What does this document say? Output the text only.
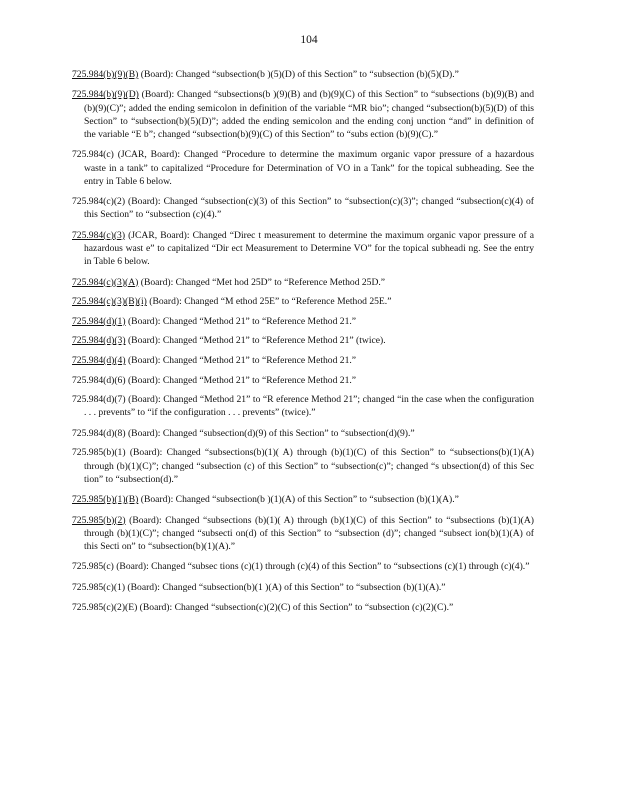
104

725.984(b)(9)(B) (Board): Changed “subsection(b )(5)(D) of this Section” to “subsection (b)(5)(D).”

725.984(b)(9)(D) (Board): Changed “subsections(b )(9)(B) and (b)(9)(C) of this Section” to “subsections (b)(9)(B) and (b)(9)(C)”; added the ending semicolon in definition of the variable “MR bio”; changed “subsection(b)(5)(D) of this Section” to “subsection(b)(5)(D)”; added the ending semicolon and the ending conj unction “and” in definition of the variable “E b”; changed “subsection(b)(9)(C) of this Section” to “subs ection (b)(9)(C).”

725.984(c) (JCAR, Board): Changed “Procedure to determine the maximum organic vapor pressure of a hazardous waste in a tank” to capitalized “Procedure for Determination of VO in a Tank” for the topical subheading. See the entry in Table 6 below.

725.984(c)(2) (Board): Changed “subsection(c)(3) of this Section” to “subsection(c)(3)”; changed “subsection(c)(4) of this Section” to “subsection (c)(4).”

725.984(c)(3) (JCAR, Board): Changed “Direc t measurement to determine the maximum organic vapor pressure of a hazardous wast e” to capitalized “Dir ect Measurement to Determine VO” for the topical subheadi ng. See the entry in Table 6 below.

725.984(c)(3)(A) (Board): Changed “Met hod 25D” to “Reference Method 25D.”

725.984(c)(3)(B)(i) (Board): Changed “M ethod 25E” to “Reference Method 25E.”

725.984(d)(1) (Board): Changed “Method 21” to “Reference Method 21.”

725.984(d)(3) (Board): Changed “Method 21” to “Reference Method 21” (twice).

725.984(d)(4) (Board): Changed “Method 21” to “Reference Method 21.”

725.984(d)(6) (Board): Changed “Method 21” to “Reference Method 21.”

725.984(d)(7) (Board): Changed “Method 21” to “R eference Method 21”; changed “in the case when the configuration . . . prevents” to “if the configuration . . . prevents” (twice).”

725.984(d)(8) (Board): Changed “subsection(d)(9) of this Section” to “subsection(d)(9).”

725.985(b)(1) (Board): Changed “subsections(b)(1)( A) through (b)(1)(C) of this Section” to “subsections(b)(1)(A) through (b)(1)(C)”; changed “subsection (c) of this Section” to “subsection(c)”; changed “s ubsection(d) of this Sec tion” to “subsection(d).”

725.985(b)(1)(B) (Board): Changed “subsection(b )(1)(A) of this Section” to “subsection (b)(1)(A).”

725.985(b)(2) (Board): Changed “subsections (b)(1)( A) through (b)(1)(C) of this Section” to “subsections (b)(1)(A) through (b)(1)(C)”; changed “subsecti on(d) of this Section” to “subsection (d)”; changed “subsect ion(b)(1)(A) of this Secti on” to “subsection(b)(1)(A).”

725.985(c) (Board): Changed “subsec tions (c)(1) through (c)(4) of this Section” to “subsections (c)(1) through (c)(4).”

725.985(c)(1) (Board): Changed “subsection(b)(1 )(A) of this Section” to “subsection (b)(1)(A).”

725.985(c)(2)(E) (Board): Changed “subsection(c)(2)(C) of this Section” to “subsection (c)(2)(C).”
